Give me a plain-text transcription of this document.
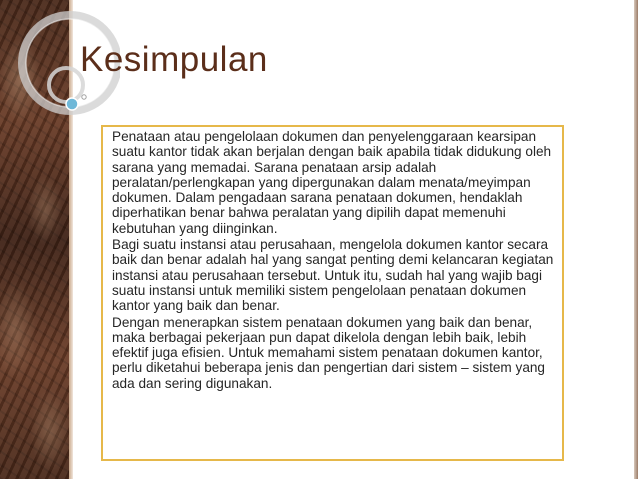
Kesimpulan

Penataan atau pengelolaan dokumen dan penyelenggaraan kearsipan suatu kantor tidak akan berjalan dengan baik apabila tidak didukung oleh sarana yang memadai. Sarana penataan arsip adalah peralatan/perlengkapan yang dipergunakan dalam menata/meyimpan dokumen. Dalam pengadaan sarana penataan dokumen, hendaklah diperhatikan benar bahwa peralatan yang dipilih dapat memenuhi kebutuhan yang diinginkan.

Bagi suatu instansi atau perusahaan, mengelola dokumen kantor secara baik dan benar adalah hal yang sangat penting demi kelancaran kegiatan instansi atau perusahaan tersebut. Untuk itu, sudah hal yang wajib bagi suatu instansi untuk memiliki sistem pengelolaan penataan dokumen kantor yang baik dan benar.

Dengan menerapkan sistem penataan dokumen yang baik dan benar, maka berbagai pekerjaan pun dapat dikelola dengan lebih baik, lebih efektif juga efisien. Untuk memahami sistem penataan dokumen kantor, perlu diketahui beberapa jenis dan pengertian dari sistem – sistem yang ada dan sering digunakan.
